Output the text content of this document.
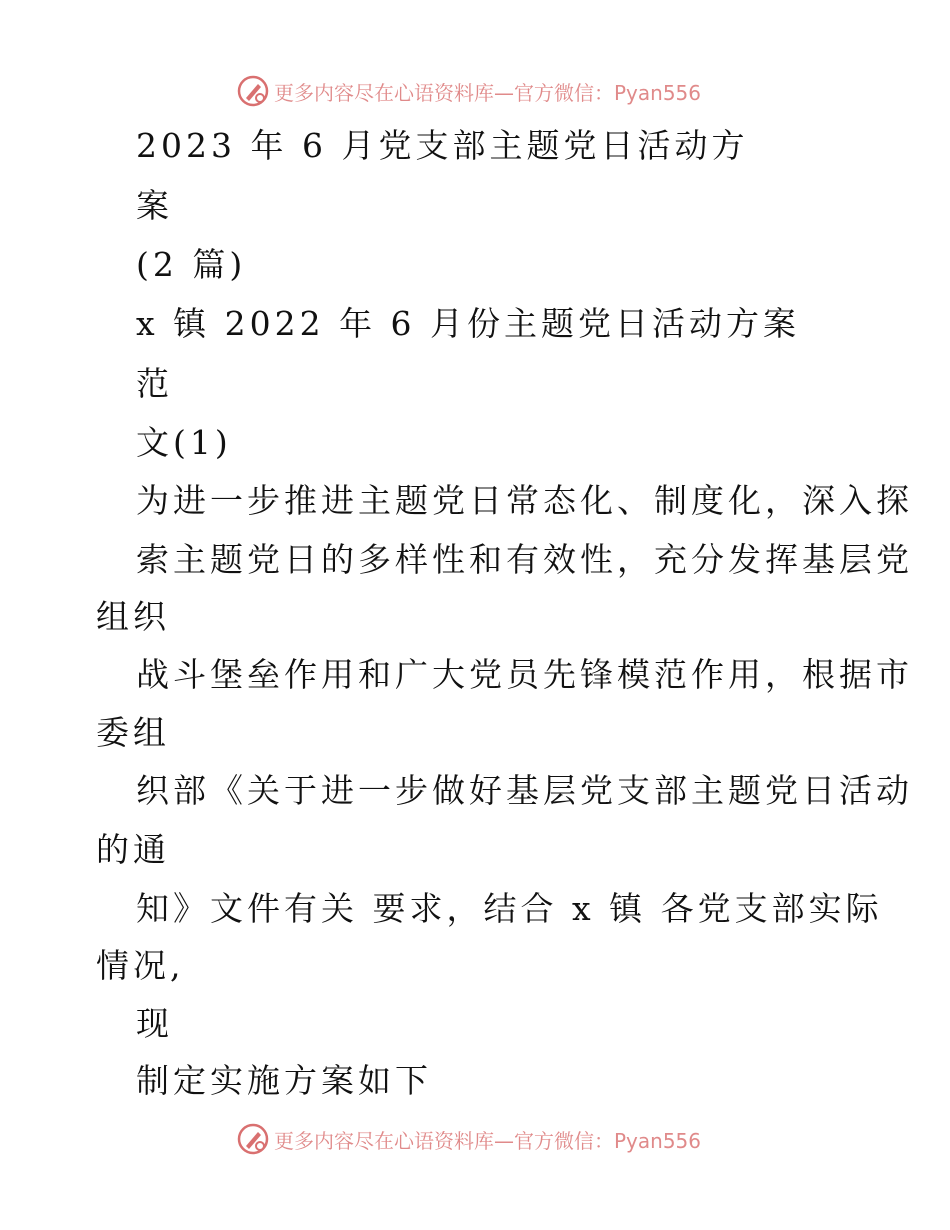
更多内容尽在心语资料库—官方微信：Pyan556
2023 年 6 月党支部主题党日活动方
案
(2 篇)
x 镇 2022 年 6 月份主题党日活动方案
范
文(1)
为进一步推进主题党日常态化、制度化，深入探
索主题党日的多样性和有效性，充分发挥基层党
组织
战斗堡垒作用和广大党员先锋模范作用，根据市
委组
织部《关于进一步做好基层党支部主题党日活动
的通
知》文件有关 要求，结合 x 镇 各党支部实际
情况,
现
制定实施方案如下
更多内容尽在心语资料库—官方微信：Pyan556
